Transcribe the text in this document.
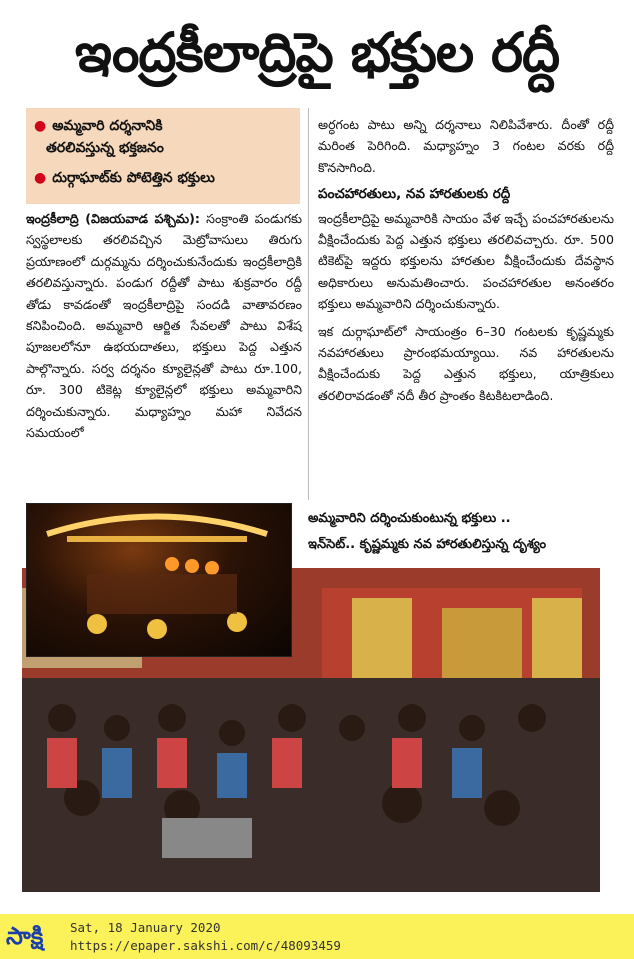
ఇంద్రకీలాద్రిపై భక్తుల రద్దీ
● అమ్మవారి దర్శనానికి
తరలివస్తున్న భక్తజనం
● దుర్గాఘాట్‌కు పోటెత్తిన భక్తులు

ఇంద్రకీలాద్రి (విజయవాడ పశ్చిమ): సంక్రాంతి పండుగకు స్వస్థలాలకు తరలివచ్చిన మెట్రోవాసులు తిరుగు ప్రయాణంలో దుర్గమ్మను దర్శించుకునేందుకు ఇంద్రకీలాద్రికి తరలివస్తున్నారు. పండుగ రద్దీతో పాటు శుక్రవారం రద్దీ తోడు కావడంతో ఇంద్రకీలాద్రిపై సందడి వాతావరణం కనిపించింది. అమ్మవారి ఆర్జిత సేవలతో పాటు విశేష పూజలలోనూ ఉభయదాతలు, భక్తులు పెద్ద ఎత్తున పాల్గొన్నారు. సర్వ దర్శనం క్యూలైన్లతో పాటు రూ.100, రూ. 300 టికెట్ల క్యూలైన్లలో భక్తులు అమ్మవారిని దర్శించుకున్నారు. మధ్యాహ్నం మహా నివేదన సమయంలో

అర్ధగంట పాటు అన్ని దర్శనాలు నిలిపివేశారు. దీంతో రద్దీ మరింత పెరిగింది. మధ్యాహ్నం 3 గంటల వరకు రద్దీ కొనసాగింది.

పంచహారతులు, నవ హారతులకు రద్దీ

ఇంద్రకీలాద్రిపై అమ్మవారికి సాయం వేళ ఇచ్చే పంచహారతులను వీక్షించేందుకు పెద్ద ఎత్తున భక్తులు తరలివచ్చారు. రూ. 500 టికెట్‌పై ఇద్దరు భక్తులను హారతుల వీక్షించేందుకు దేవస్థాన అధికారులు అనుమతించారు. పంచహారతుల అనంతరం భక్తులు అమ్మవారిని దర్శించుకున్నారు.

ఇక దుర్గాఘాట్‌లో సాయంత్రం 6–30 గంటలకు కృష్ణమ్మకు నవహారతులు ప్రారంభమయ్యాయి. నవ హారతులను వీక్షించేందుకు పెద్ద ఎత్తున భక్తులు, యాత్రికులు తరలిరావడంతో నదీ తీర ప్రాంతం కిటకిటలాడింది.

అమ్మవారిని దర్శించుకుంటున్న భక్తులు ..
ఇన్‌సెట్.. కృష్ణమ్మకు నవ హారతులిస్తున్న దృశ్యం
సాక్షి	Sat, 18 January 2020
https://epaper.sakshi.com/c/48093459
